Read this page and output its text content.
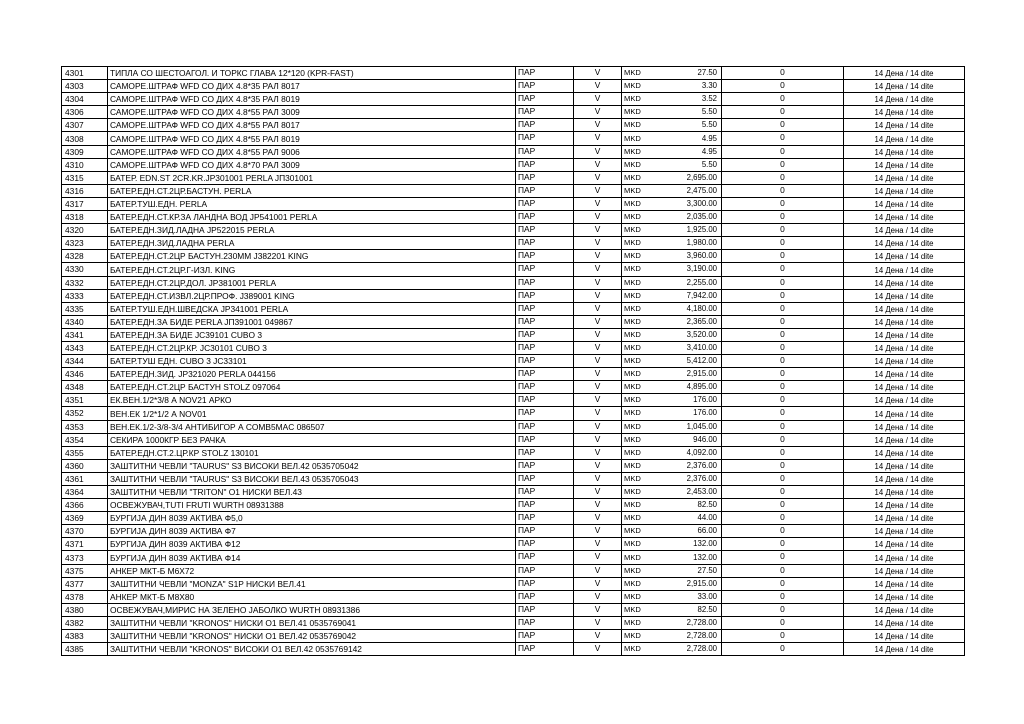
4301	ТИПЛА СО ШЕСТОАГОЛ. И ТОРКС ГЛАВА 12*120 (KPR-FAST)	ПАР	V	MKD	27.50	0	14 Дена / 14 dite
4303	САМОРЕ.ШТРАФ WFD СО ДИХ 4.8*35 РАЛ 8017	ПАР	V	MKD	3.30	0	14 Дена / 14 dite
4304	САМОРЕ.ШТРАФ WFD СО ДИХ 4.8*35 РАЛ 8019	ПАР	V	MKD	3.52	0	14 Дена / 14 dite
4306	САМОРЕ.ШТРАФ WFD СО ДИХ 4.8*55 РАЛ 3009	ПАР	V	MKD	5.50	0	14 Дена / 14 dite
4307	САМОРЕ.ШТРАФ WFD СО ДИХ 4.8*55 РАЛ 8017	ПАР	V	MKD	5.50	0	14 Дена / 14 dite
4308	САМОРЕ.ШТРАФ WFD СО ДИХ 4.8*55 РАЛ 8019	ПАР	V	MKD	4.95	0	14 Дена / 14 dite
4309	САМОРЕ.ШТРАФ WFD СО ДИХ 4.8*55 РАЛ 9006	ПАР	V	MKD	4.95	0	14 Дена / 14 dite
4310	САМОРЕ.ШТРАФ WFD СО ДИХ 4.8*70 РАЛ 3009	ПАР	V	MKD	5.50	0	14 Дена / 14 dite
4315	БАТЕР. EDN.ST 2CR.KR.JP301001 PERLA ЈП301001	ПАР	V	MKD	2,695.00	0	14 Дена / 14 dite
4316	БАТЕР.ЕДН.СТ.2ЦР.БАСТУН. PERLA	ПАР	V	MKD	2,475.00	0	14 Дена / 14 dite
4317	БАТЕР.ТУШ.ЕДН. PERLA	ПАР	V	MKD	3,300.00	0	14 Дена / 14 dite
4318	БАТЕР.ЕДН.СТ.КР.ЗА ЛАНДНА ВОД JP541001 PERLA	ПАР	V	MKD	2,035.00	0	14 Дена / 14 dite
4320	БАТЕР.ЕДН.ЗИД.ЛАДНА JP522015 PERLA	ПАР	V	MKD	1,925.00	0	14 Дена / 14 dite
4323	БАТЕР.ЕДН.ЗИД.ЛАДНА PERLA	ПАР	V	MKD	1,980.00	0	14 Дена / 14 dite
4328	БАТЕР.ЕДН.СТ.2ЦР БАСТУН.230ММ J382201 KING	ПАР	V	MKD	3,960.00	0	14 Дена / 14 dite
4330	БАТЕР.ЕДН.СТ.2ЦР.Г-ИЗЛ. KING	ПАР	V	MKD	3,190.00	0	14 Дена / 14 dite
4332	БАТЕР.ЕДН.СТ.2ЦР.ДОЛ. JP381001 PERLA	ПАР	V	MKD	2,255.00	0	14 Дена / 14 dite
4333	БАТЕР.ЕДН.СТ.ИЗВЛ.2ЦР.ПРОФ. J389001 KING	ПАР	V	MKD	7,942.00	0	14 Дена / 14 dite
4335	БАТЕР.ТУШ.ЕДН.ШВЕДСКА JP341001 PERLA	ПАР	V	MKD	4,180.00	0	14 Дена / 14 dite
4340	БАТЕР.ЕДН.ЗА БИДЕ PERLA ЈП391001 049867	ПАР	V	MKD	2,365.00	0	14 Дена / 14 dite
4341	БАТЕР.ЕДН.ЗА БИДЕ JC39101 CUBO 3	ПАР	V	MKD	3,520.00	0	14 Дена / 14 dite
4343	БАТЕР.ЕДН.СТ.2ЦР.КР. JC30101 CUBO 3	ПАР	V	MKD	3,410.00	0	14 Дена / 14 dite
4344	БАТЕР.ТУШ ЕДН. CUBO 3 JC33101	ПАР	V	MKD	5,412.00	0	14 Дена / 14 dite
4346	БАТЕР.ЕДН.ЗИД. JP321020 PERLA 044156	ПАР	V	MKD	2,915.00	0	14 Дена / 14 dite
4348	БАТЕР.ЕДН.СТ.2ЦР БАСТУН STOLZ 097064	ПАР	V	MKD	4,895.00	0	14 Дена / 14 dite
4351	ЕК.ВЕН.1/2*3/8 А NOV21 АРКО	ПАР	V	MKD	176.00	0	14 Дена / 14 dite
4352	ВЕН.ЕК 1/2*1/2 А NOV01	ПАР	V	MKD	176.00	0	14 Дена / 14 dite
4353	ВЕН.ЕК.1/2-3/8-3/4 АНТИБИГОР А COMB5MAC 086507	ПАР	V	MKD	1,045.00	0	14 Дена / 14 dite
4354	СЕКИРА 1000КГР БЕЗ РАЧКА	ПАР	V	MKD	946.00	0	14 Дена / 14 dite
4355	БАТЕР.ЕДН.СТ.2.ЦР.КР STOLZ 130101	ПАР	V	MKD	4,092.00	0	14 Дена / 14 dite
4360	ЗАШТИТНИ ЧЕВЛИ "TAURUS" S3 ВИСОКИ ВЕЛ.42 0535705042	ПАР	V	MKD	2,376.00	0	14 Дена / 14 dite
4361	ЗАШТИТНИ ЧЕВЛИ "TAURUS" S3 ВИСОКИ ВЕЛ.43 0535705043	ПАР	V	MKD	2,376.00	0	14 Дена / 14 dite
4364	ЗАШТИТНИ ЧЕВЛИ "TRITON" О1 НИСКИ ВЕЛ.43	ПАР	V	MKD	2,453.00	0	14 Дена / 14 dite
4366	ОСВЕЖУВАЧ,TUTI FRUTI WURTH 08931388	ПАР	V	MKD	82.50	0	14 Дена / 14 dite
4369	БУРГИЈА ДИН 8039 АКТИВА Ф5,0	ПАР	V	MKD	44.00	0	14 Дена / 14 dite
4370	БУРГИЈА ДИН 8039 АКТИВА Ф7	ПАР	V	MKD	66.00	0	14 Дена / 14 dite
4371	БУРГИЈА ДИН 8039 АКТИВА Ф12	ПАР	V	MKD	132.00	0	14 Дена / 14 dite
4373	БУРГИЈА ДИН 8039 АКТИВА Ф14	ПАР	V	MKD	132.00	0	14 Дена / 14 dite
4375	АНКЕР МКТ-Б М6Х72	ПАР	V	MKD	27.50	0	14 Дена / 14 dite
4377	ЗАШТИТНИ ЧЕВЛИ "MONZA" S1P НИСКИ ВЕЛ.41	ПАР	V	MKD	2,915.00	0	14 Дена / 14 dite
4378	АНКЕР МКТ-Б М8Х80	ПАР	V	MKD	33.00	0	14 Дена / 14 dite
4380	ОСВЕЖУВАЧ,МИРИС НА ЗЕЛЕНО ЈАБОЛКО WURTH 08931386	ПАР	V	MKD	82.50	0	14 Дена / 14 dite
4382	ЗАШТИТНИ ЧЕВЛИ "KRONOS" НИСКИ О1 ВЕЛ.41 0535769041	ПАР	V	MKD	2,728.00	0	14 Дена / 14 dite
4383	ЗАШТИТНИ ЧЕВЛИ "KRONOS" НИСКИ О1 ВЕЛ.42 0535769042	ПАР	V	MKD	2,728.00	0	14 Дена / 14 dite
4385	ЗАШТИТНИ ЧЕВЛИ "KRONOS" ВИСОКИ О1 ВЕЛ.42 0535769142	ПАР	V	MKD	2,728.00	0	14 Дена / 14 dite
